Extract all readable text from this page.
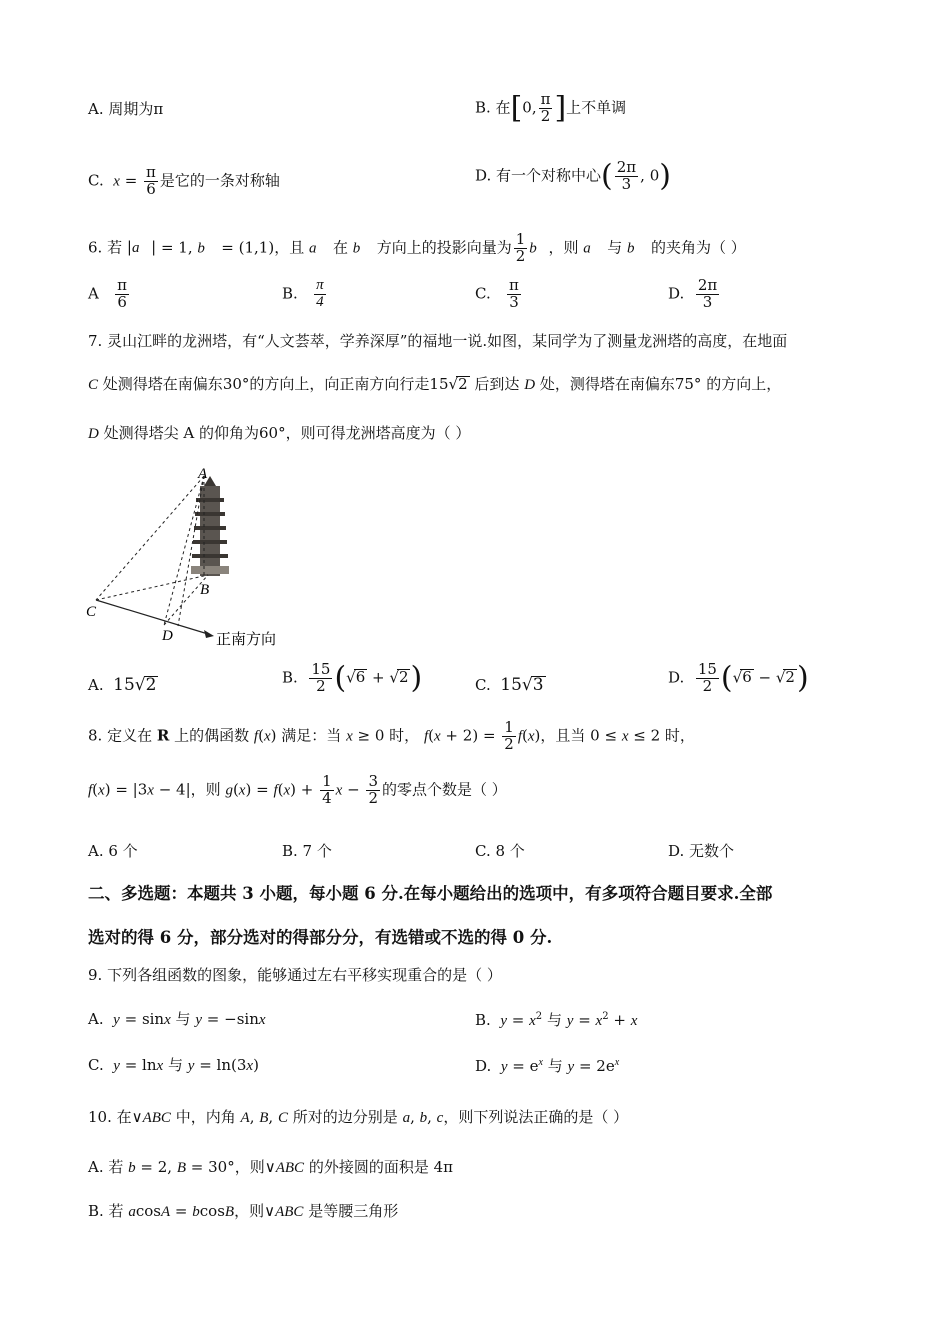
A. 周期为π	B. 在[0, $\frac{\pi}{2}$ ]上不单调
C. $x = \frac{\pi}{6}$ 是它的一条对称轴	D. 有一个对称中心( $\frac{2\pi}{3}$ , 0)
6. 若 |a⃗| = 1, b⃗ = (1,1)，且 a⃗ 在 b⃗ 方向上的投影向量为 $\frac{1}{2}$ b⃗，则 a⃗ 与 b⃗ 的夹角为（ ）
A $\frac{\pi}{6}$	B. $\frac{\pi}{4}$	C. $\frac{\pi}{3}$	D. $\frac{2\pi}{3}$
7. 灵山江畔的龙洲塔，有“人文荟萃，学养深厚”的福地一说.如图，某同学为了测量龙洲塔的高度，在地面
C 处测得塔在南偏东30°的方向上，向正南方向行走15√2 后到达 D 处，测得塔在南偏东75° 的方向上，
D 处测得塔尖 A 的仰角为60°，则可得龙洲塔高度为（ ）
A
B
C
D	正南方向
A. 15√2	B. $\frac{15}{2} (√6 + √2)$	C. 15√3	D. $\frac{15}{2} (√6 - √2)$
8. 定义在 R 上的偶函数 f(x) 满足：当 x ≥ 0 时， $f(x + 2) = \frac{1}{2} f(x)$，且当 0 ≤ x ≤ 2 时，
f(x) = |3x − 4|，则 $g(x) = f(x) + \frac{1}{4}$ $x - \frac{3}{2}$ 的零点个数是（ ）
A. 6 个	B. 7 个	C. 8 个	D. 无数个
二、多选题：本题共 3 小题，每小题 6 分.在每小题给出的选项中，有多项符合题目要求.全部
选对的得 6 分，部分选对的得部分分，有选错或不选的得 0 分.
9. 下列各组函数的图象，能够通过左右平移实现重合的是（ ）
A. y = sinx 与 y = −sinx	B. $y = x^2$ 与 $y = x^2 + x$
C. y = lnx 与 y = ln(3x)	D. $y = e^x$ 与 $y = 2e^x$
10. 在∨ABC 中，内角 A, B, C 所对的边分别是 a, b, c，则下列说法正确的是（ ）
A. 若 b = 2, B = 30°，则∨ABC 的外接圆的面积是 4π
B. 若 acosA = bcosB，则∨ABC 是等腰三角形
